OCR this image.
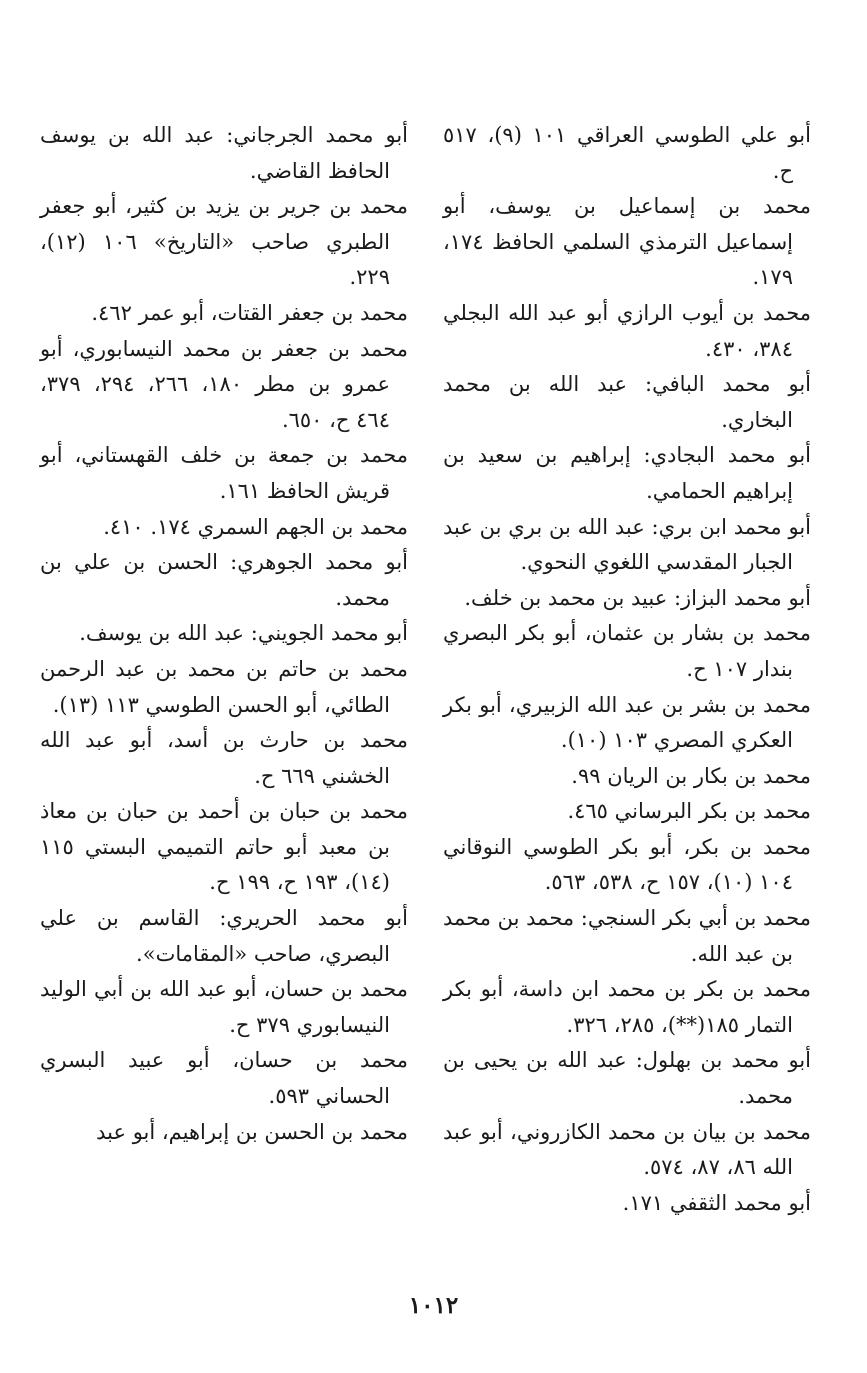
أبو علي الطوسي العراقي ١٠١ (٩)، ٥١٧ ح.

محمد بن إسماعيل بن يوسف، أبو إسماعيل الترمذي السلمي الحافظ ١٧٤، ١٧٩.

محمد بن أيوب الرازي أبو عبد الله البجلي ٣٨٤، ٤٣٠.

أبو محمد البافي: عبد الله بن محمد البخاري.

أبو محمد البجادي: إبراهيم بن سعيد بن إبراهيم الحمامي.

أبو محمد ابن بري: عبد الله بن بري بن عبد الجبار المقدسي اللغوي النحوي.

أبو محمد البزاز: عبيد بن محمد بن خلف.

محمد بن بشار بن عثمان، أبو بكر البصري بندار ١٠٧ ح.

محمد بن بشر بن عبد الله الزبيري، أبو بكر العكري المصري ١٠٣ (١٠).

محمد بن بكار بن الريان ٩٩.

محمد بن بكر البرساني ٤٦٥.

محمد بن بكر، أبو بكر الطوسي النوقاني ١٠٤ (١٠)، ١٥٧ ح، ٥٣٨، ٥٦٣.

محمد بن أبي بكر السنجي: محمد بن محمد بن عبد الله.

محمد بن بكر بن محمد ابن داسة، أبو بكر التمار ١٨٥(**)، ٢٨٥، ٣٢٦.

أبو محمد بن بهلول: عبد الله بن يحيى بن محمد.

محمد بن بيان بن محمد الكازروني، أبو عبد الله ٨٦، ٨٧، ٥٧٤.

أبو محمد الثقفي ١٧١.

أبو محمد الجرجاني: عبد الله بن يوسف الحافظ القاضي.

محمد بن جرير بن يزيد بن كثير، أبو جعفر الطبري صاحب «التاريخ» ١٠٦ (١٢)، ٢٢٩.

محمد بن جعفر القتات، أبو عمر ٤٦٢.

محمد بن جعفر بن محمد النيسابوري، أبو عمرو بن مطر ١٨٠، ٢٦٦، ٢٩٤، ٣٧٩، ٤٦٤ ح، ٦٥٠.

محمد بن جمعة بن خلف القهستاني، أبو قريش الحافظ ١٦١.

محمد بن الجهم السمري ١٧٤. ٤١٠.

أبو محمد الجوهري: الحسن بن علي بن محمد.

أبو محمد الجويني: عبد الله بن يوسف.

محمد بن حاتم بن محمد بن عبد الرحمن الطائي، أبو الحسن الطوسي ١١٣ (١٣).

محمد بن حارث بن أسد، أبو عبد الله الخشني ٦٦٩ ح.

محمد بن حبان بن أحمد بن حبان بن معاذ بن معبد أبو حاتم التميمي البستي ١١٥ (١٤)، ١٩٣ ح، ١٩٩ ح.

أبو محمد الحريري: القاسم بن علي البصري، صاحب «المقامات».

محمد بن حسان، أبو عبد الله بن أبي الوليد النيسابوري ٣٧٩ ح.

محمد بن حسان، أبو عبيد البسري الحساني ٥٩٣.

محمد بن الحسن بن إبراهيم، أبو عبد

١٠١٢
